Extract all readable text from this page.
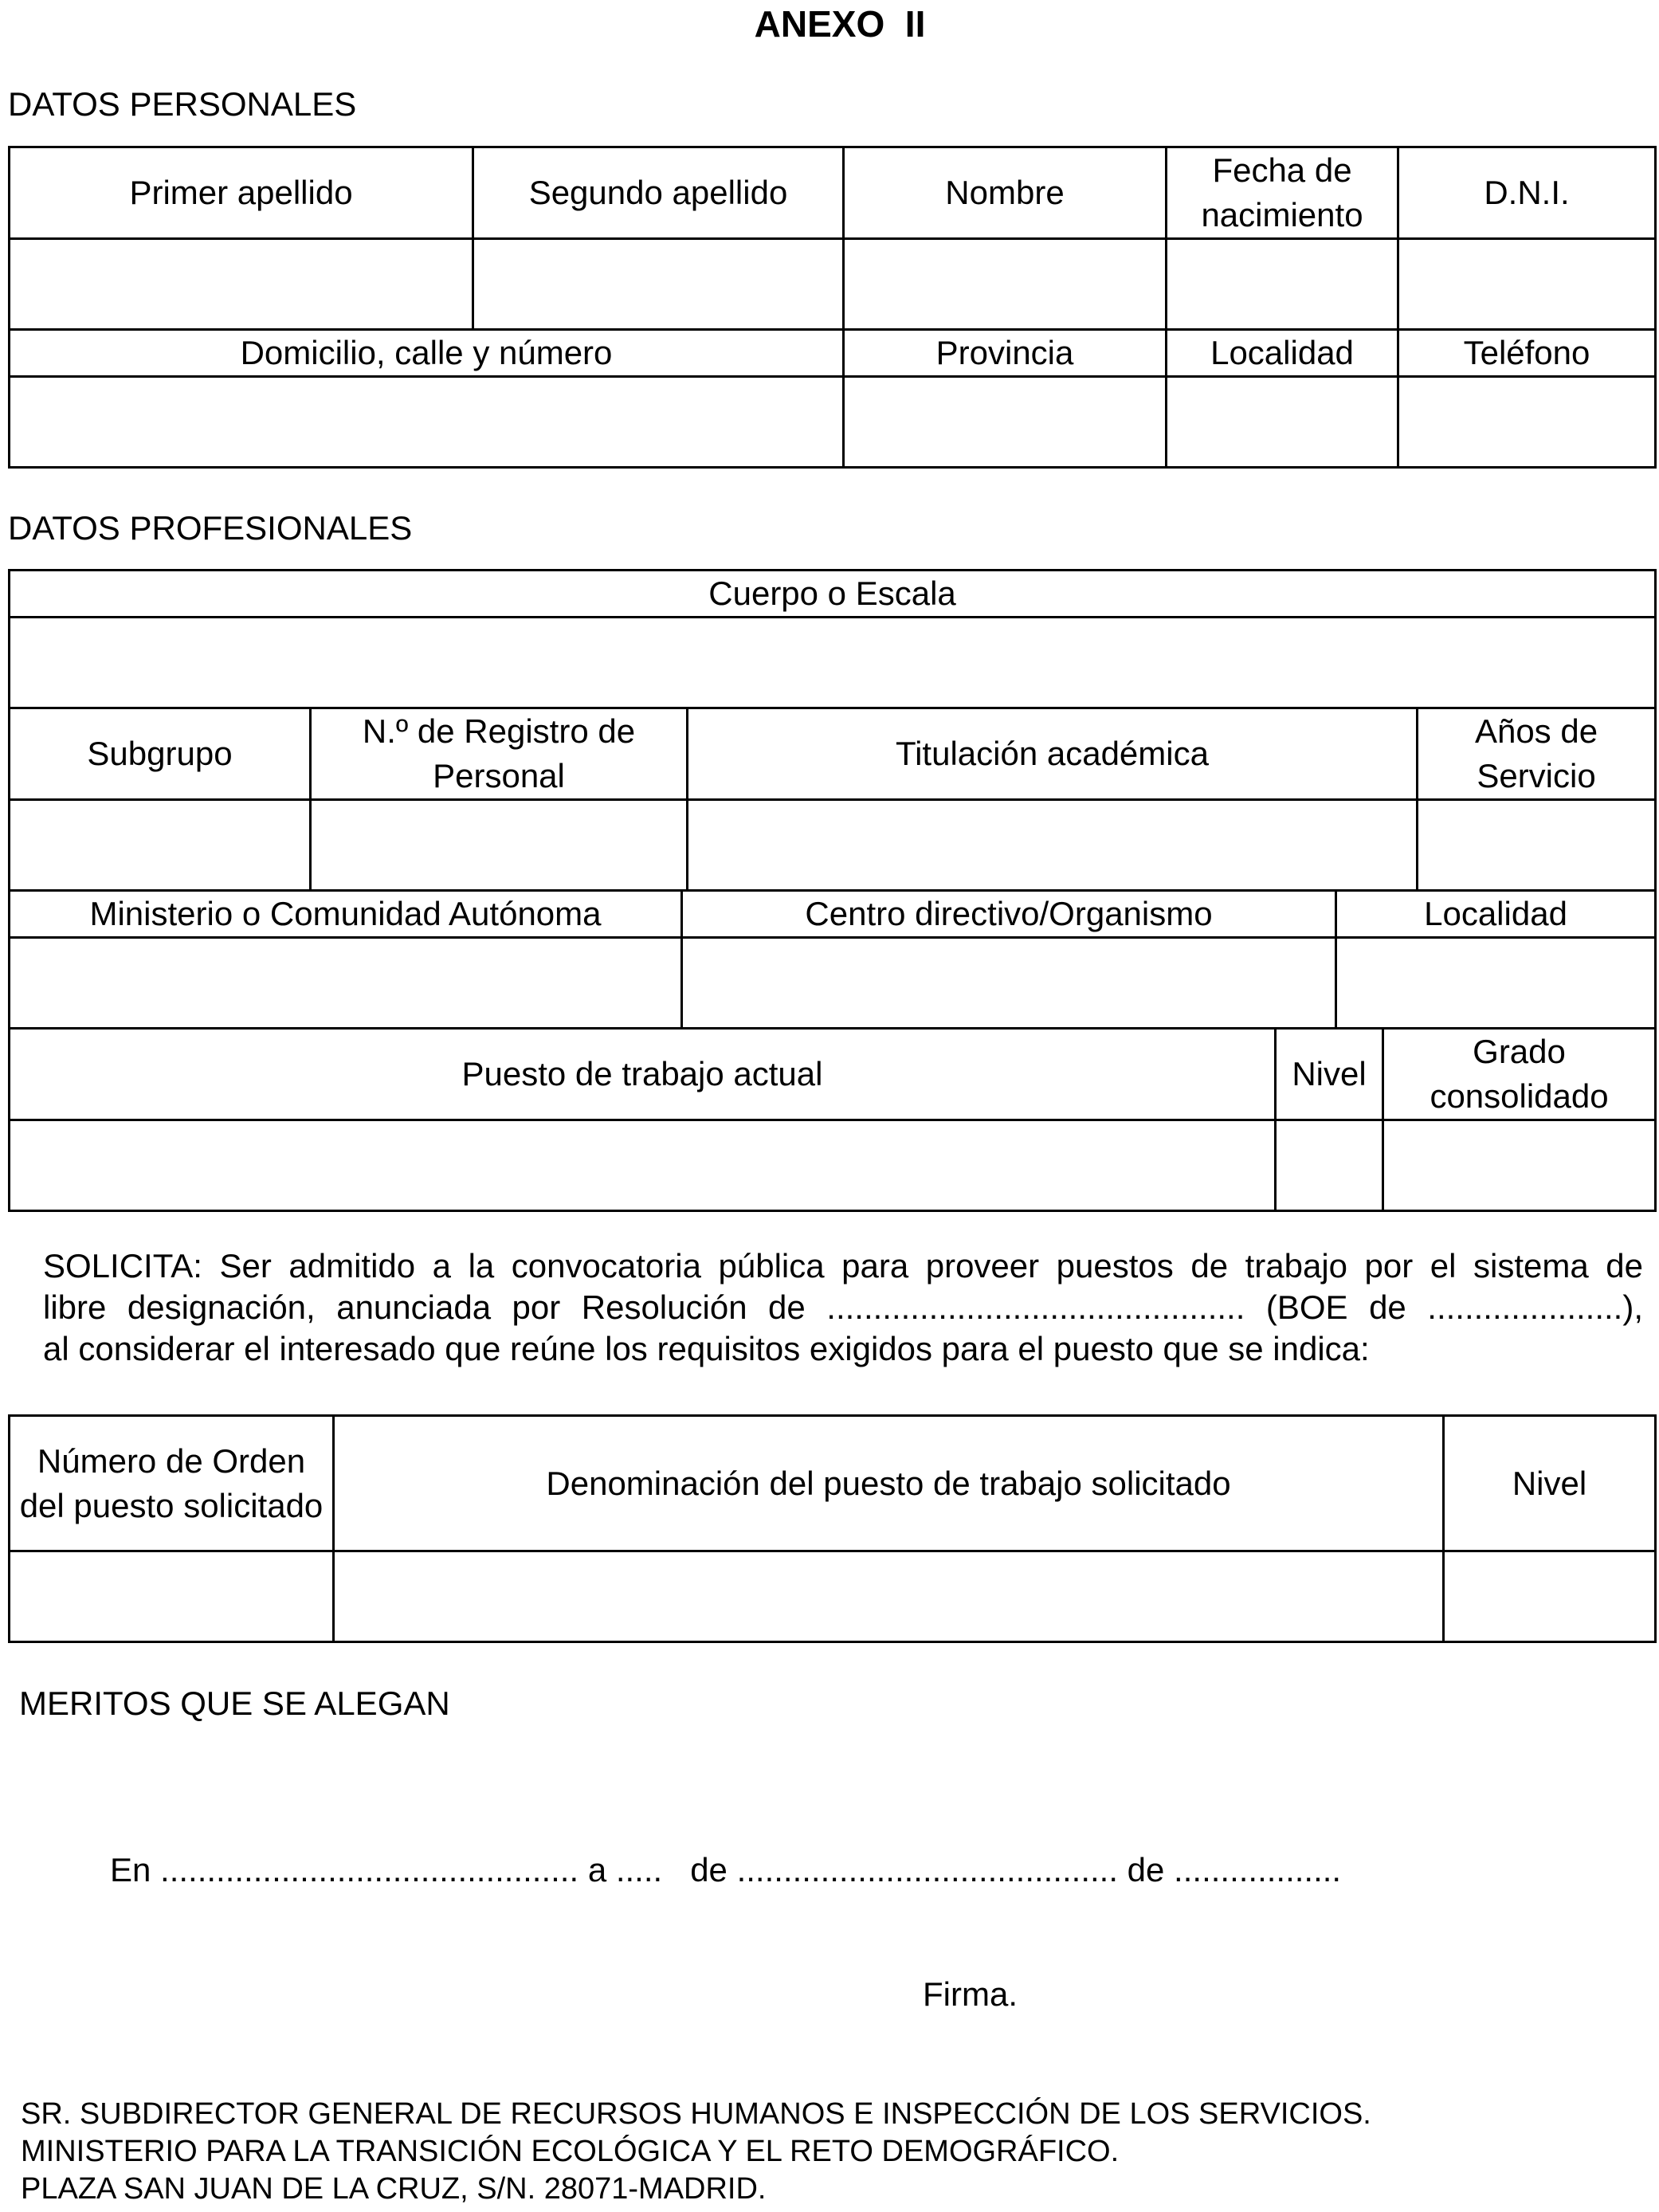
ANEXO  II
DATOS PERSONALES
Primer apellido	Segundo apellido	Nombre	Fecha de nacimiento	D.N.I.

Domicilio, calle y número		Provincia	Localidad	Teléfono

DATOS PROFESIONALES
Cuerpo o Escala							

Subgrupo	N.º de Registro de Personal		Titulación académica				Años de Servicio

Ministerio o Comunidad Autónoma		Centro directivo/Organismo			Localidad		

Puesto de trabajo actual				Nivel		Grado consolidado	

SOLICITA: Ser admitido a la convocatoria pública para proveer puestos de trabajo por el sistema de
libre designación, anunciada por Resolución de ............................................. (BOE de .....................),
al considerar el interesado que reúne los requisitos exigidos para el puesto que se indica:
Número de Orden del puesto solicitado	Denominación del puesto de trabajo solicitado	Nivel

MERITOS QUE SE ALEGAN
En ............................................. a .....   de ......................................... de ..................
Firma.
SR. SUBDIRECTOR GENERAL DE RECURSOS HUMANOS E INSPECCIÓN DE LOS SERVICIOS.
MINISTERIO PARA LA TRANSICIÓN ECOLÓGICA Y EL RETO DEMOGRÁFICO.
PLAZA SAN JUAN DE LA CRUZ, S/N. 28071-MADRID.
